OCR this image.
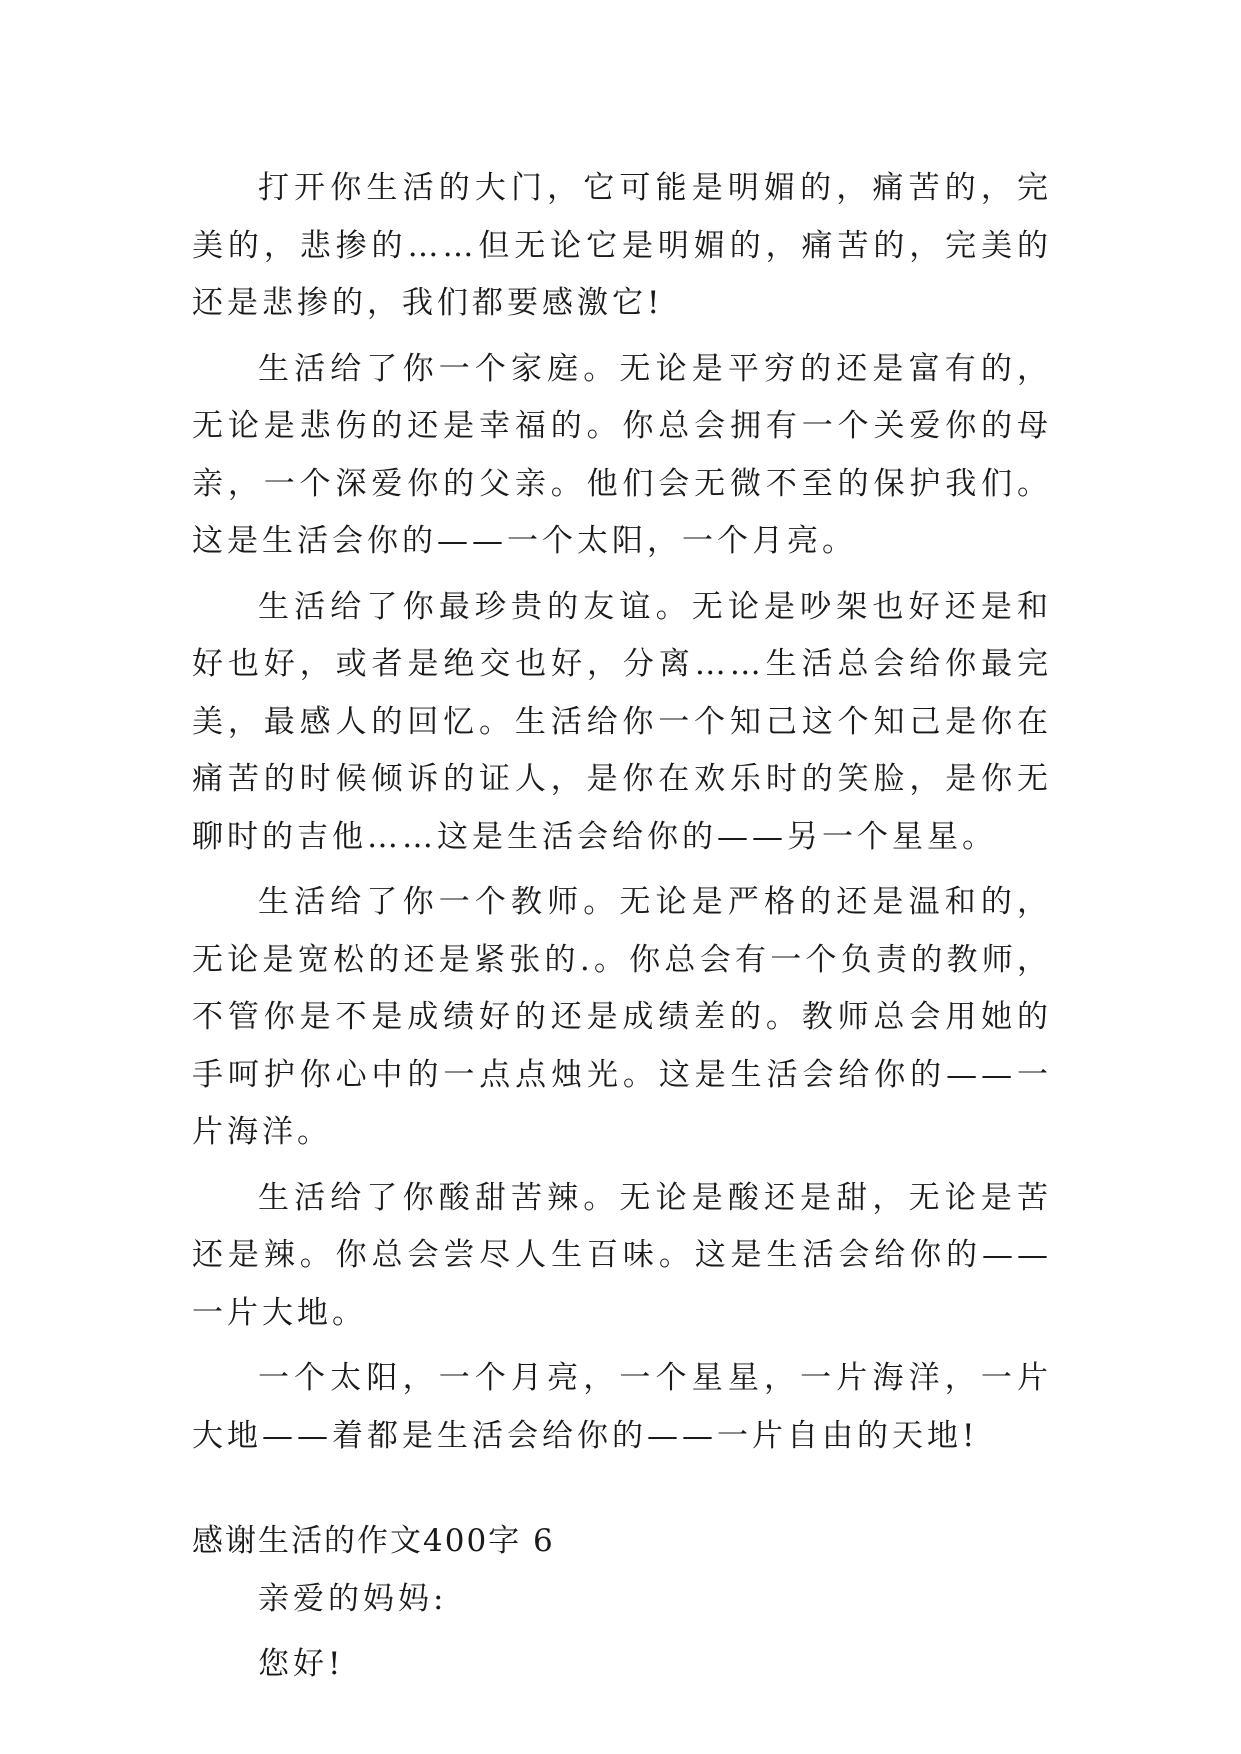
打开你生活的大门，它可能是明媚的，痛苦的，完美的，悲掺的……但无论它是明媚的，痛苦的，完美的还是悲掺的，我们都要感激它!

生活给了你一个家庭。无论是平穷的还是富有的，无论是悲伤的还是幸福的。你总会拥有一个关爱你的母亲，一个深爱你的父亲。他们会无微不至的保护我们。这是生活会你的——一个太阳，一个月亮。

生活给了你最珍贵的友谊。无论是吵架也好还是和好也好，或者是绝交也好，分离……生活总会给你最完美，最感人的回忆。生活给你一个知己这个知己是你在痛苦的时候倾诉的证人，是你在欢乐时的笑脸，是你无聊时的吉他……这是生活会给你的——另一个星星。

生活给了你一个教师。无论是严格的还是温和的，无论是宽松的还是紧张的.。你总会有一个负责的教师，不管你是不是成绩好的还是成绩差的。教师总会用她的手呵护你心中的一点点烛光。这是生活会给你的——一片海洋。

生活给了你酸甜苦辣。无论是酸还是甜，无论是苦还是辣。你总会尝尽人生百味。这是生活会给你的——一片大地。

一个太阳，一个月亮，一个星星，一片海洋，一片大地——着都是生活会给你的——一片自由的天地!

感谢生活的作文400字 6

亲爱的妈妈:

您好!
